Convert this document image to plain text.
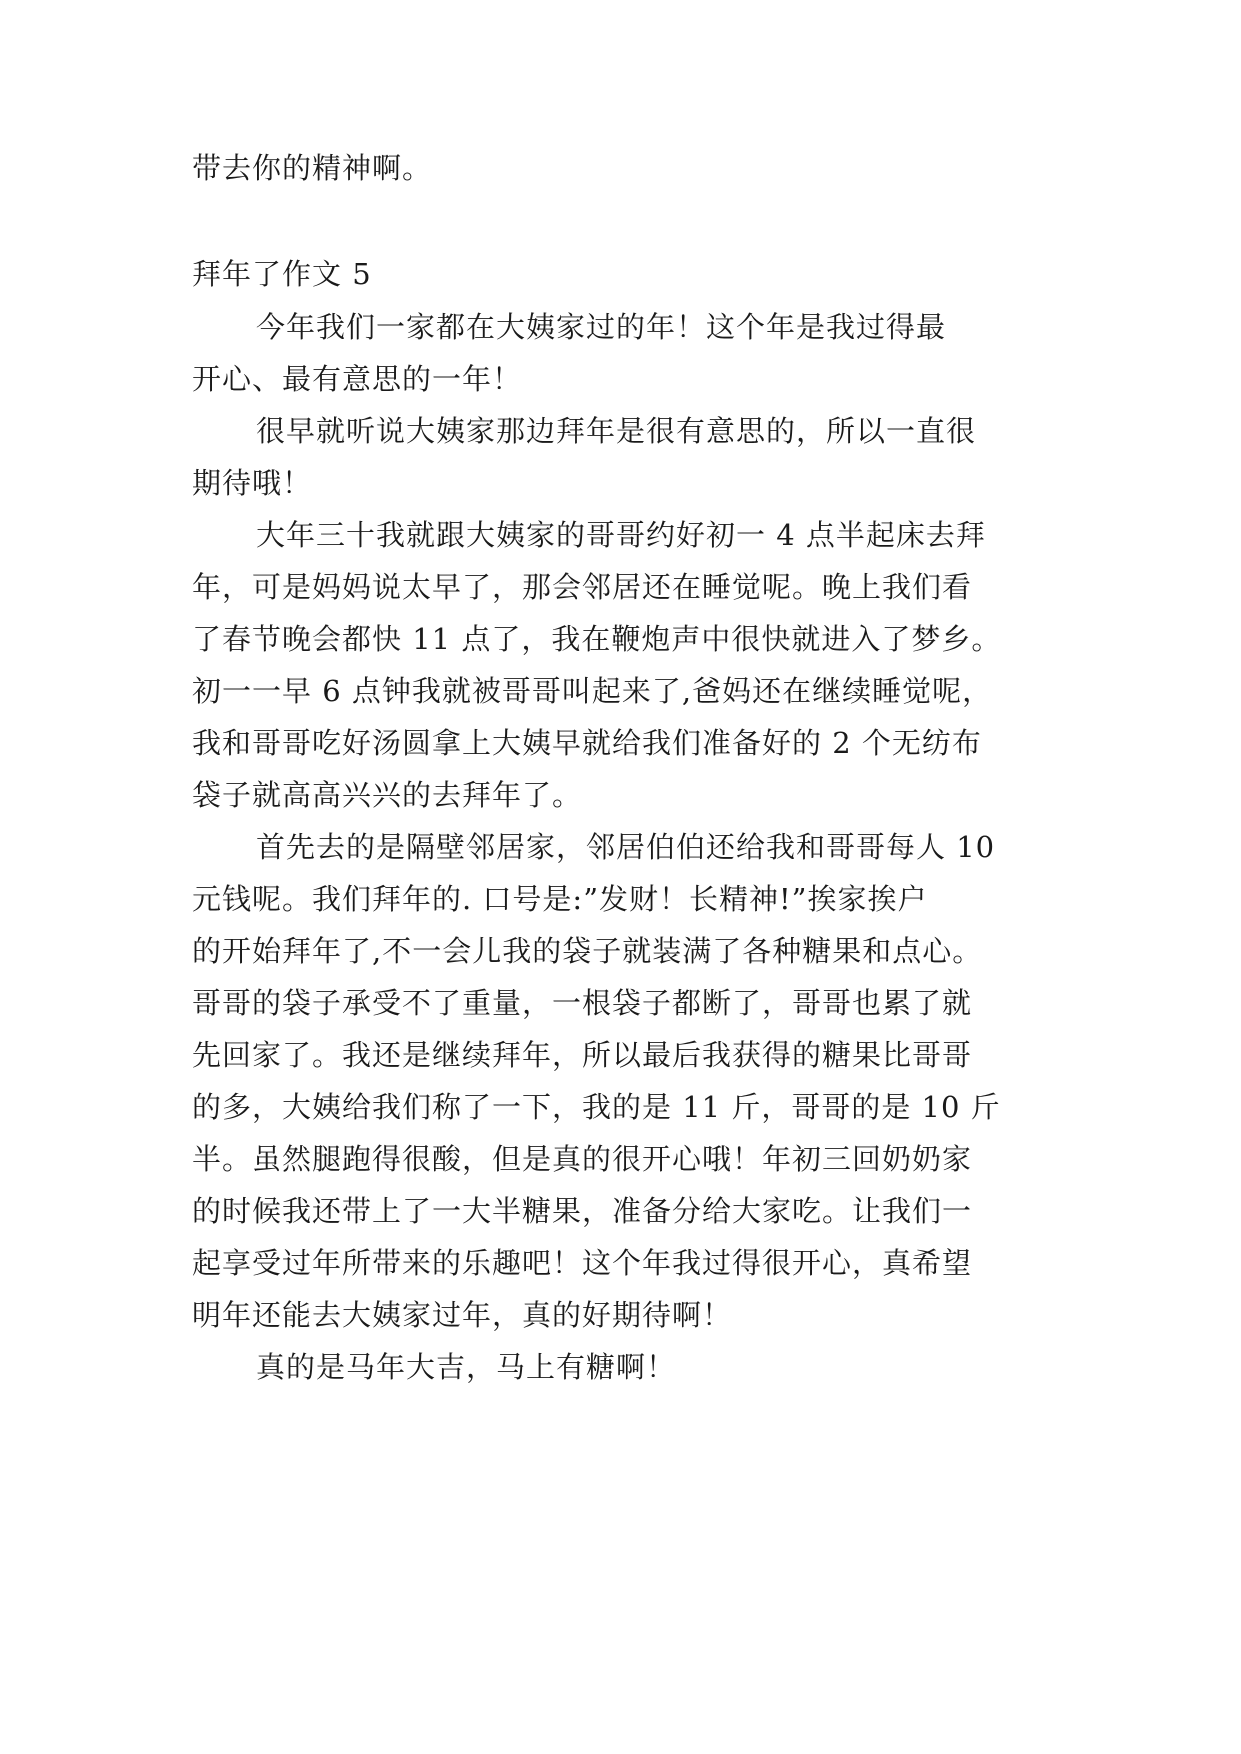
带去你的精神啊。
拜年了作文 5
今年我们一家都在大姨家过的年！这个年是我过得最
开心、最有意思的一年！
很早就听说大姨家那边拜年是很有意思的，所以一直很
期待哦！
大年三十我就跟大姨家的哥哥约好初一 4 点半起床去拜
年，可是妈妈说太早了，那会邻居还在睡觉呢。晚上我们看
了春节晚会都快 11 点了，我在鞭炮声中很快就进入了梦乡。
初一一早 6 点钟我就被哥哥叫起来了,爸妈还在继续睡觉呢，
我和哥哥吃好汤圆拿上大姨早就给我们准备好的 2 个无纺布
袋子就高高兴兴的去拜年了。
首先去的是隔壁邻居家，邻居伯伯还给我和哥哥每人 10
元钱呢。我们拜年的. 口号是:”发财！长精神!”挨家挨户
的开始拜年了,不一会儿我的袋子就装满了各种糖果和点心。
哥哥的袋子承受不了重量，一根袋子都断了，哥哥也累了就
先回家了。我还是继续拜年，所以最后我获得的糖果比哥哥
的多，大姨给我们称了一下，我的是 11 斤，哥哥的是 10 斤
半。虽然腿跑得很酸，但是真的很开心哦！年初三回奶奶家
的时候我还带上了一大半糖果，准备分给大家吃。让我们一
起享受过年所带来的乐趣吧！这个年我过得很开心，真希望
明年还能去大姨家过年，真的好期待啊！
真的是马年大吉，马上有糖啊！
